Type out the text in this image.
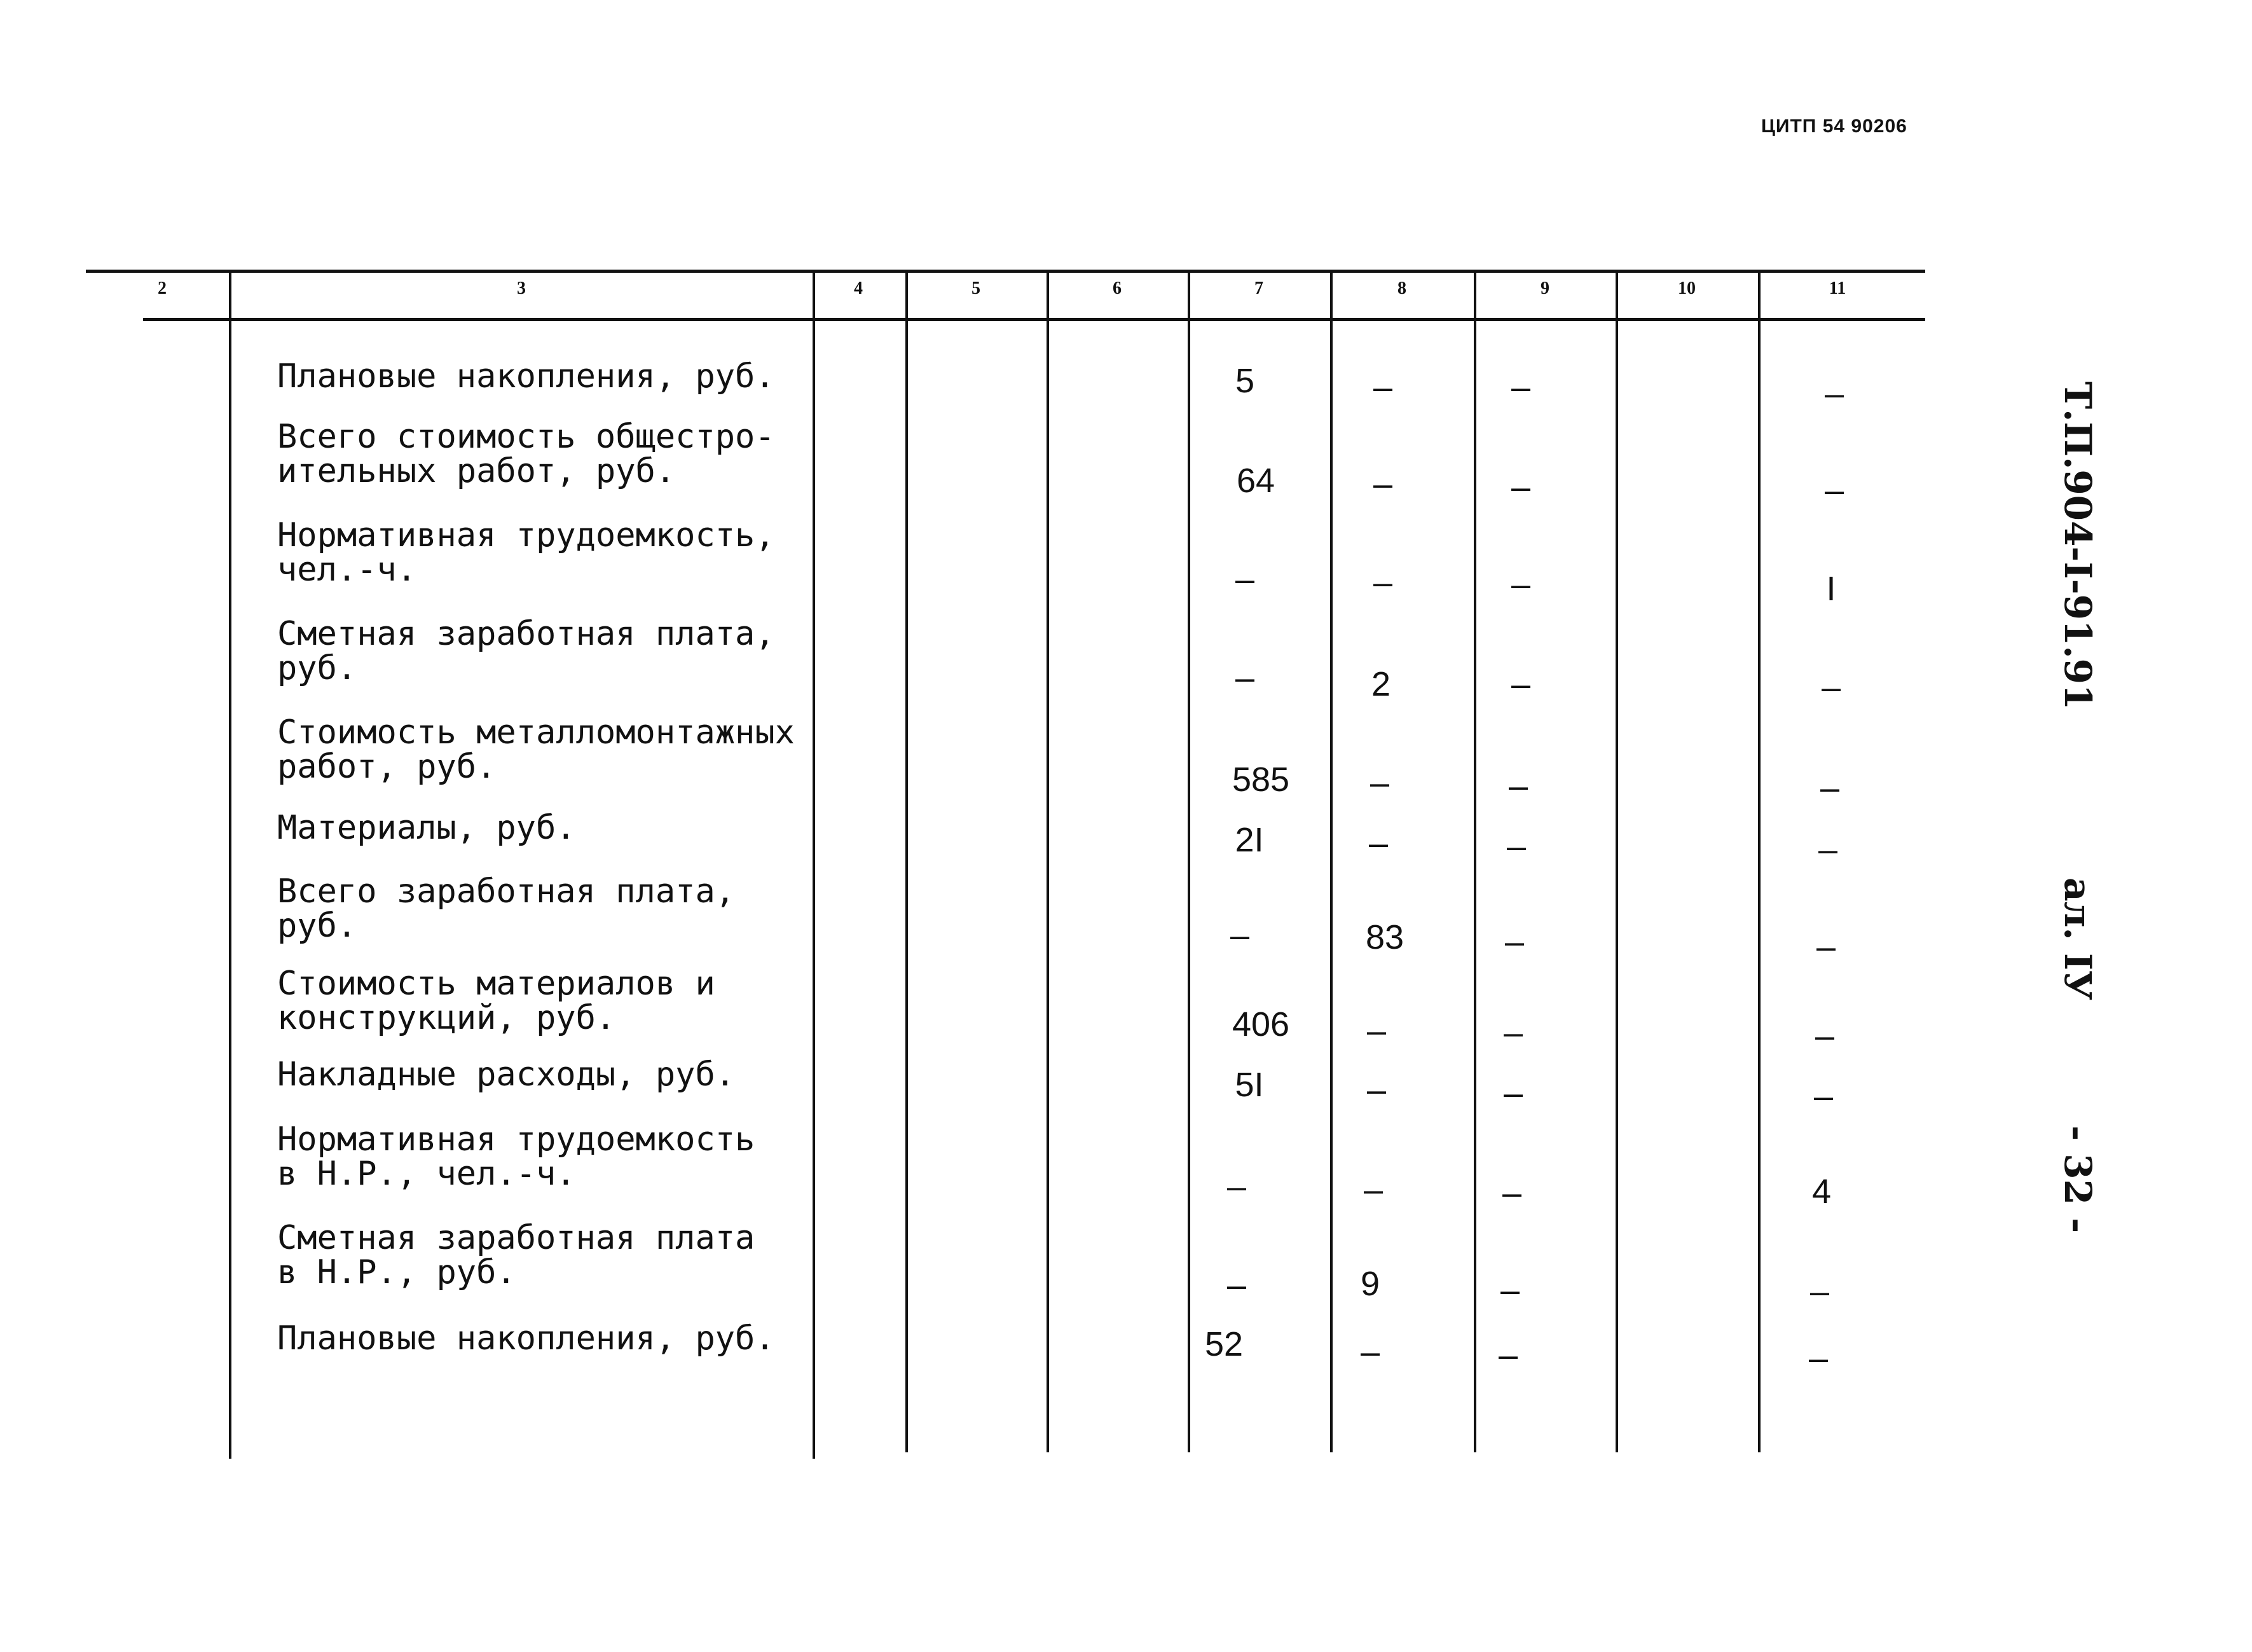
ЦИТП 54 90206
2	3	4	5	6	7	8	9	10	11
Плановые накопления, руб.	5	–	–	–
Всего стоимость общестро-
ительных работ, руб.	64	–	–	–
Нормативная трудоемкость,
чел.-ч.	–	–	–	I
Сметная заработная плата,
руб.	–	2	–	–
Стоимость металломонтажных
работ, руб.	585 –	–	–
Материалы, руб.	2I	–	–	–
Всего заработная плата,
руб.	–	83	–	–
Стоимость материалов и
конструкций, руб.	406 –	–	–
Накладные расходы, руб.	5I	–	–	–
Нормативная трудоемкость
в Н.Р., чел.-ч.	–	–	–	4
Сметная заработная плата
в Н.Р., руб.	–	9	–	–
Плановые накопления, руб.	52	–	–	–
Т.П.904-I-91.91
ал. IУ
- 32 -
